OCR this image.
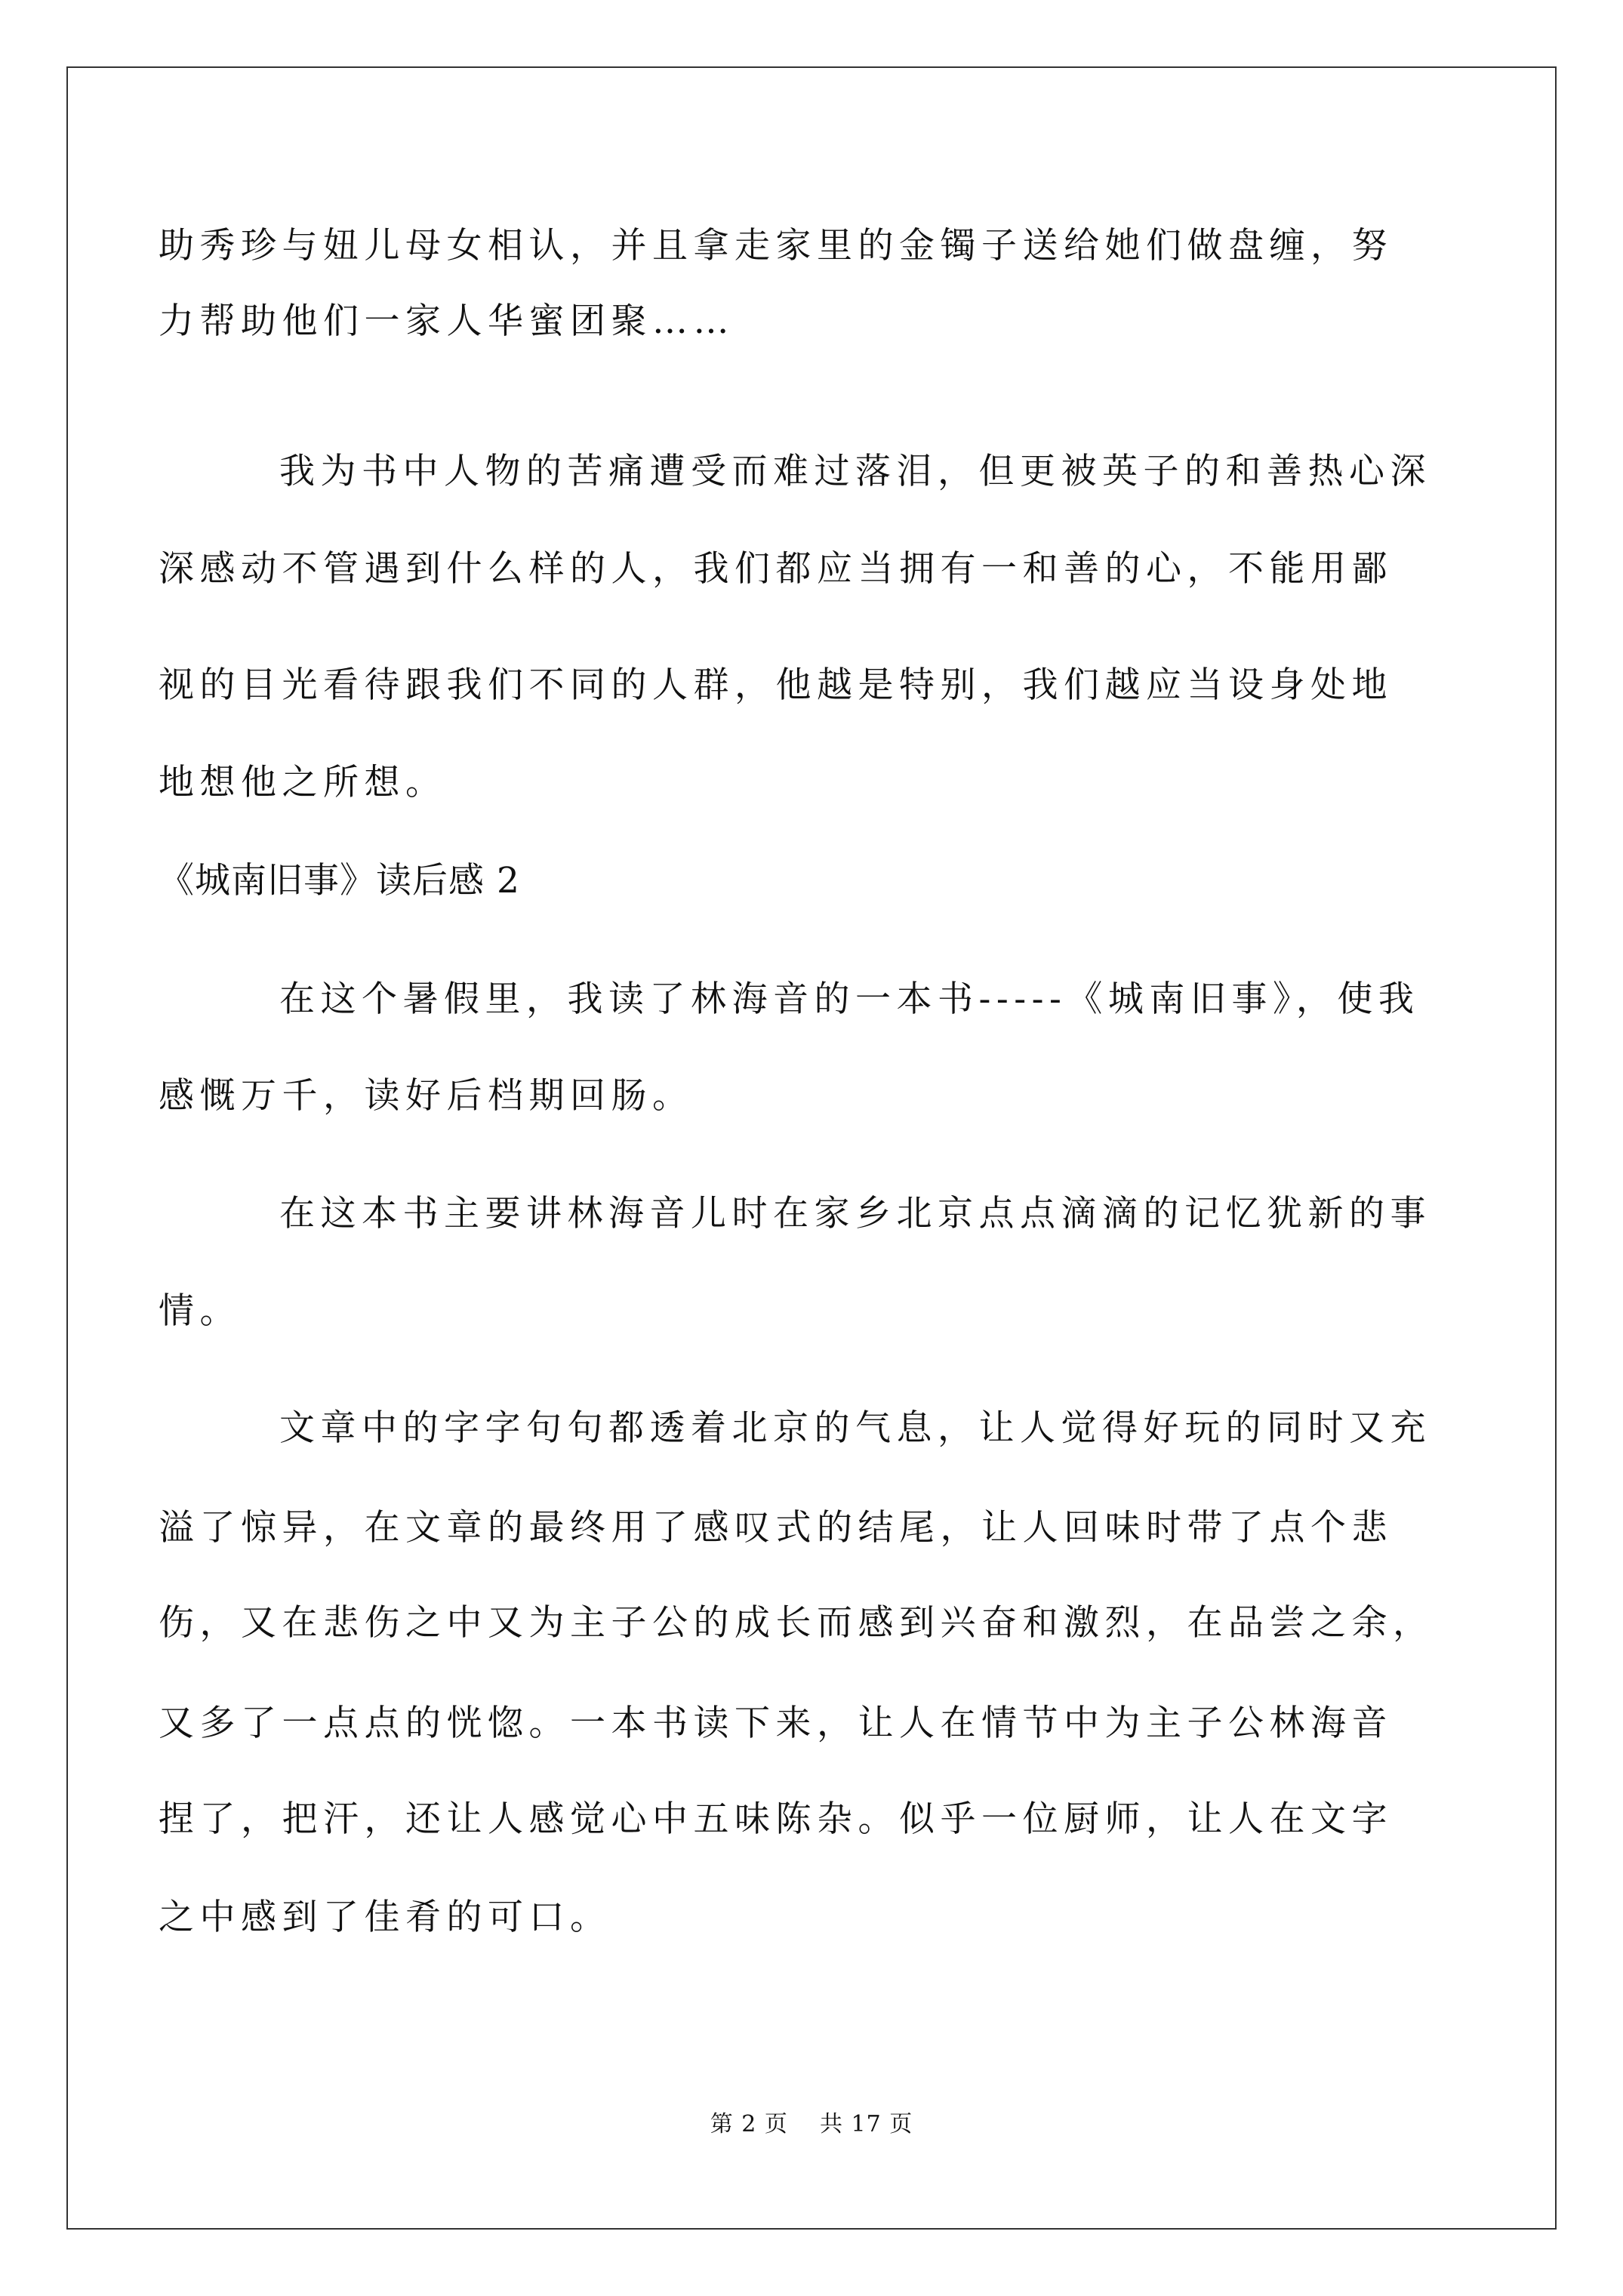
助秀珍与妞儿母女相认，并且拿走家里的金镯子送给她们做盘缠，努
力帮助他们一家人华蜜团聚……
我为书中人物的苦痛遭受而难过落泪，但更被英子的和善热心深
深感动不管遇到什么样的人，我们都应当拥有一和善的心，不能用鄙
视的目光看待跟我们不同的人群，他越是特别，我们越应当设身处地
地想他之所想。
《城南旧事》读后感 2
在这个暑假里，我读了林海音的一本书-----《城南旧事》，使我
感慨万千，读好后档期回肠。
在这本书主要讲林海音儿时在家乡北京点点滴滴的记忆犹新的事
情。
文章中的字字句句都透着北京的气息，让人觉得好玩的同时又充
溢了惊异，在文章的最终用了感叹式的结尾，让人回味时带了点个悲
伤，又在悲伤之中又为主子公的成长而感到兴奋和激烈，在品尝之余，
又多了一点点的恍惚。一本书读下来，让人在情节中为主子公林海音
捏了，把汗，还让人感觉心中五味陈杂。似乎一位厨师，让人在文字
之中感到了佳肴的可口。
第 2 页    共 17 页
